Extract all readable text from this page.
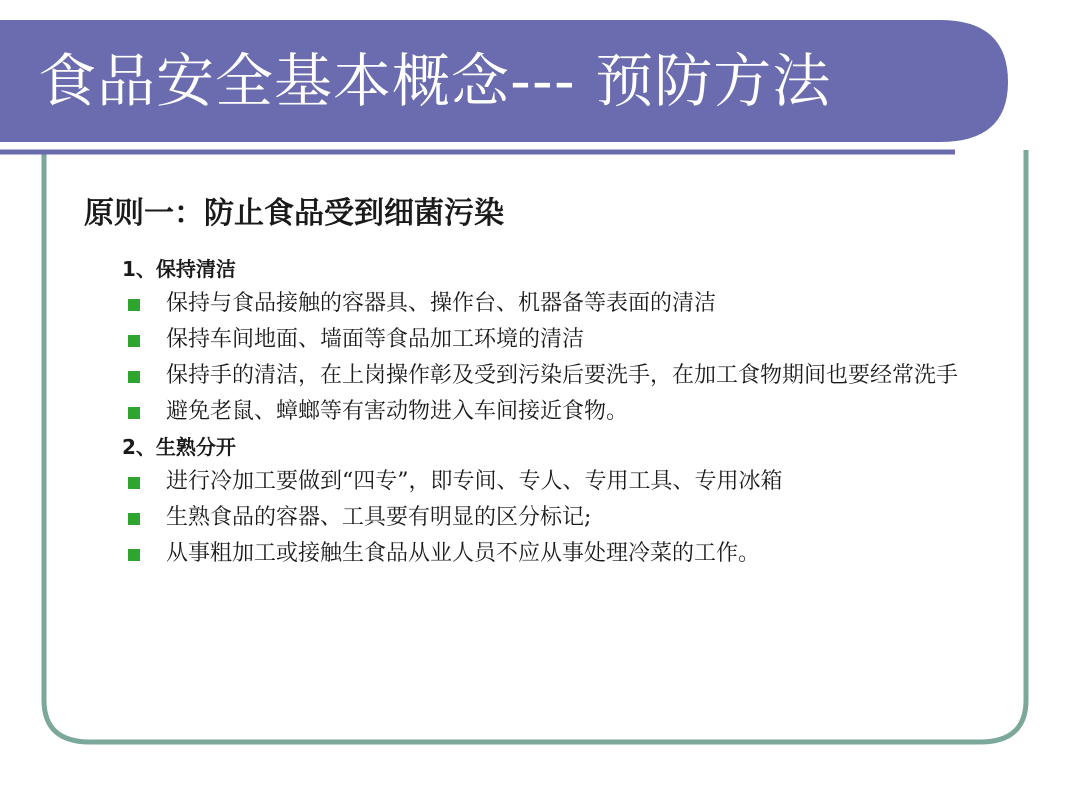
食品安全基本概念--- 预防方法
原则一：防止食品受到细菌污染
1、保持清洁
保持与食品接触的容器具、操作台、机器备等表面的清洁
保持车间地面、墙面等食品加工环境的清洁
保持手的清洁，在上岗操作彰及受到污染后要洗手，在加工食物期间也要经常洗手
避免老鼠、蟑螂等有害动物进入车间接近食物。
2、生熟分开
进行冷加工要做到“四专”，即专间、专人、专用工具、专用冰箱
生熟食品的容器、工具要有明显的区分标记;
从事粗加工或接触生食品从业人员不应从事处理冷菜的工作。
